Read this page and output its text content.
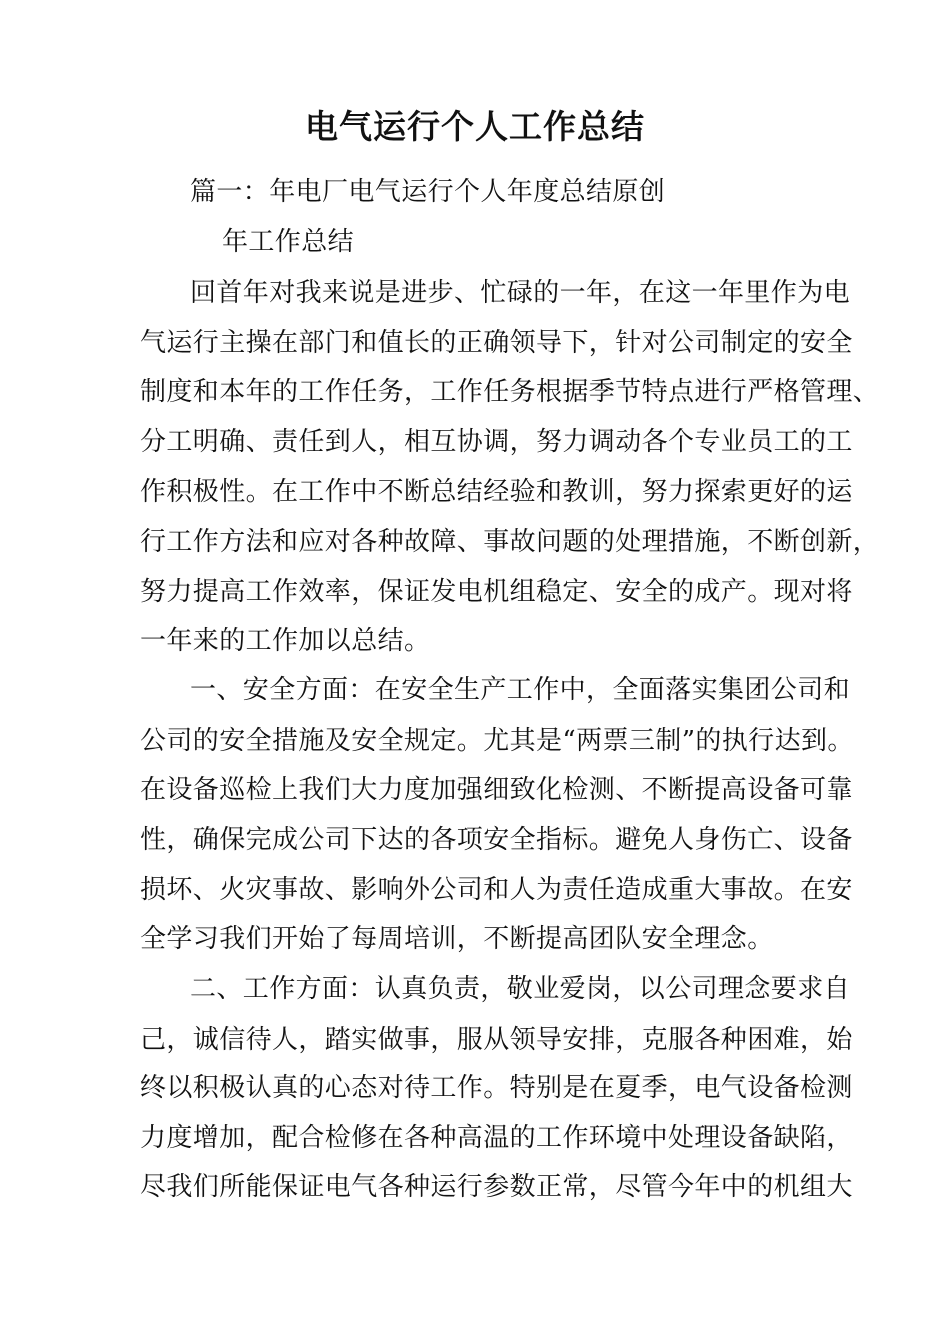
电气运行个人工作总结
篇一：年电厂电气运行个人年度总结原创
年工作总结
回首年对我来说是进步、忙碌的一年，在这一年里作为电
气运行主操在部门和值长的正确领导下，针对公司制定的安全
制度和本年的工作任务，工作任务根据季节特点进行严格管理、
分工明确、责任到人，相互协调，努力调动各个专业员工的工
作积极性。在工作中不断总结经验和教训，努力探索更好的运
行工作方法和应对各种故障、事故问题的处理措施，不断创新，
努力提高工作效率，保证发电机组稳定、安全的成产。现对将
一年来的工作加以总结。
一、安全方面：在安全生产工作中，全面落实集团公司和
公司的安全措施及安全规定。尤其是“两票三制”的执行达到。
在设备巡检上我们大力度加强细致化检测、不断提高设备可靠
性，确保完成公司下达的各项安全指标。避免人身伤亡、设备
损坏、火灾事故、影响外公司和人为责任造成重大事故。在安
全学习我们开始了每周培训，不断提高团队安全理念。
二、工作方面：认真负责，敬业爱岗，以公司理念要求自
己，诚信待人，踏实做事，服从领导安排，克服各种困难，始
终以积极认真的心态对待工作。特别是在夏季，电气设备检测
力度增加，配合检修在各种高温的工作环境中处理设备缺陷，
尽我们所能保证电气各种运行参数正常，尽管今年中的机组大
